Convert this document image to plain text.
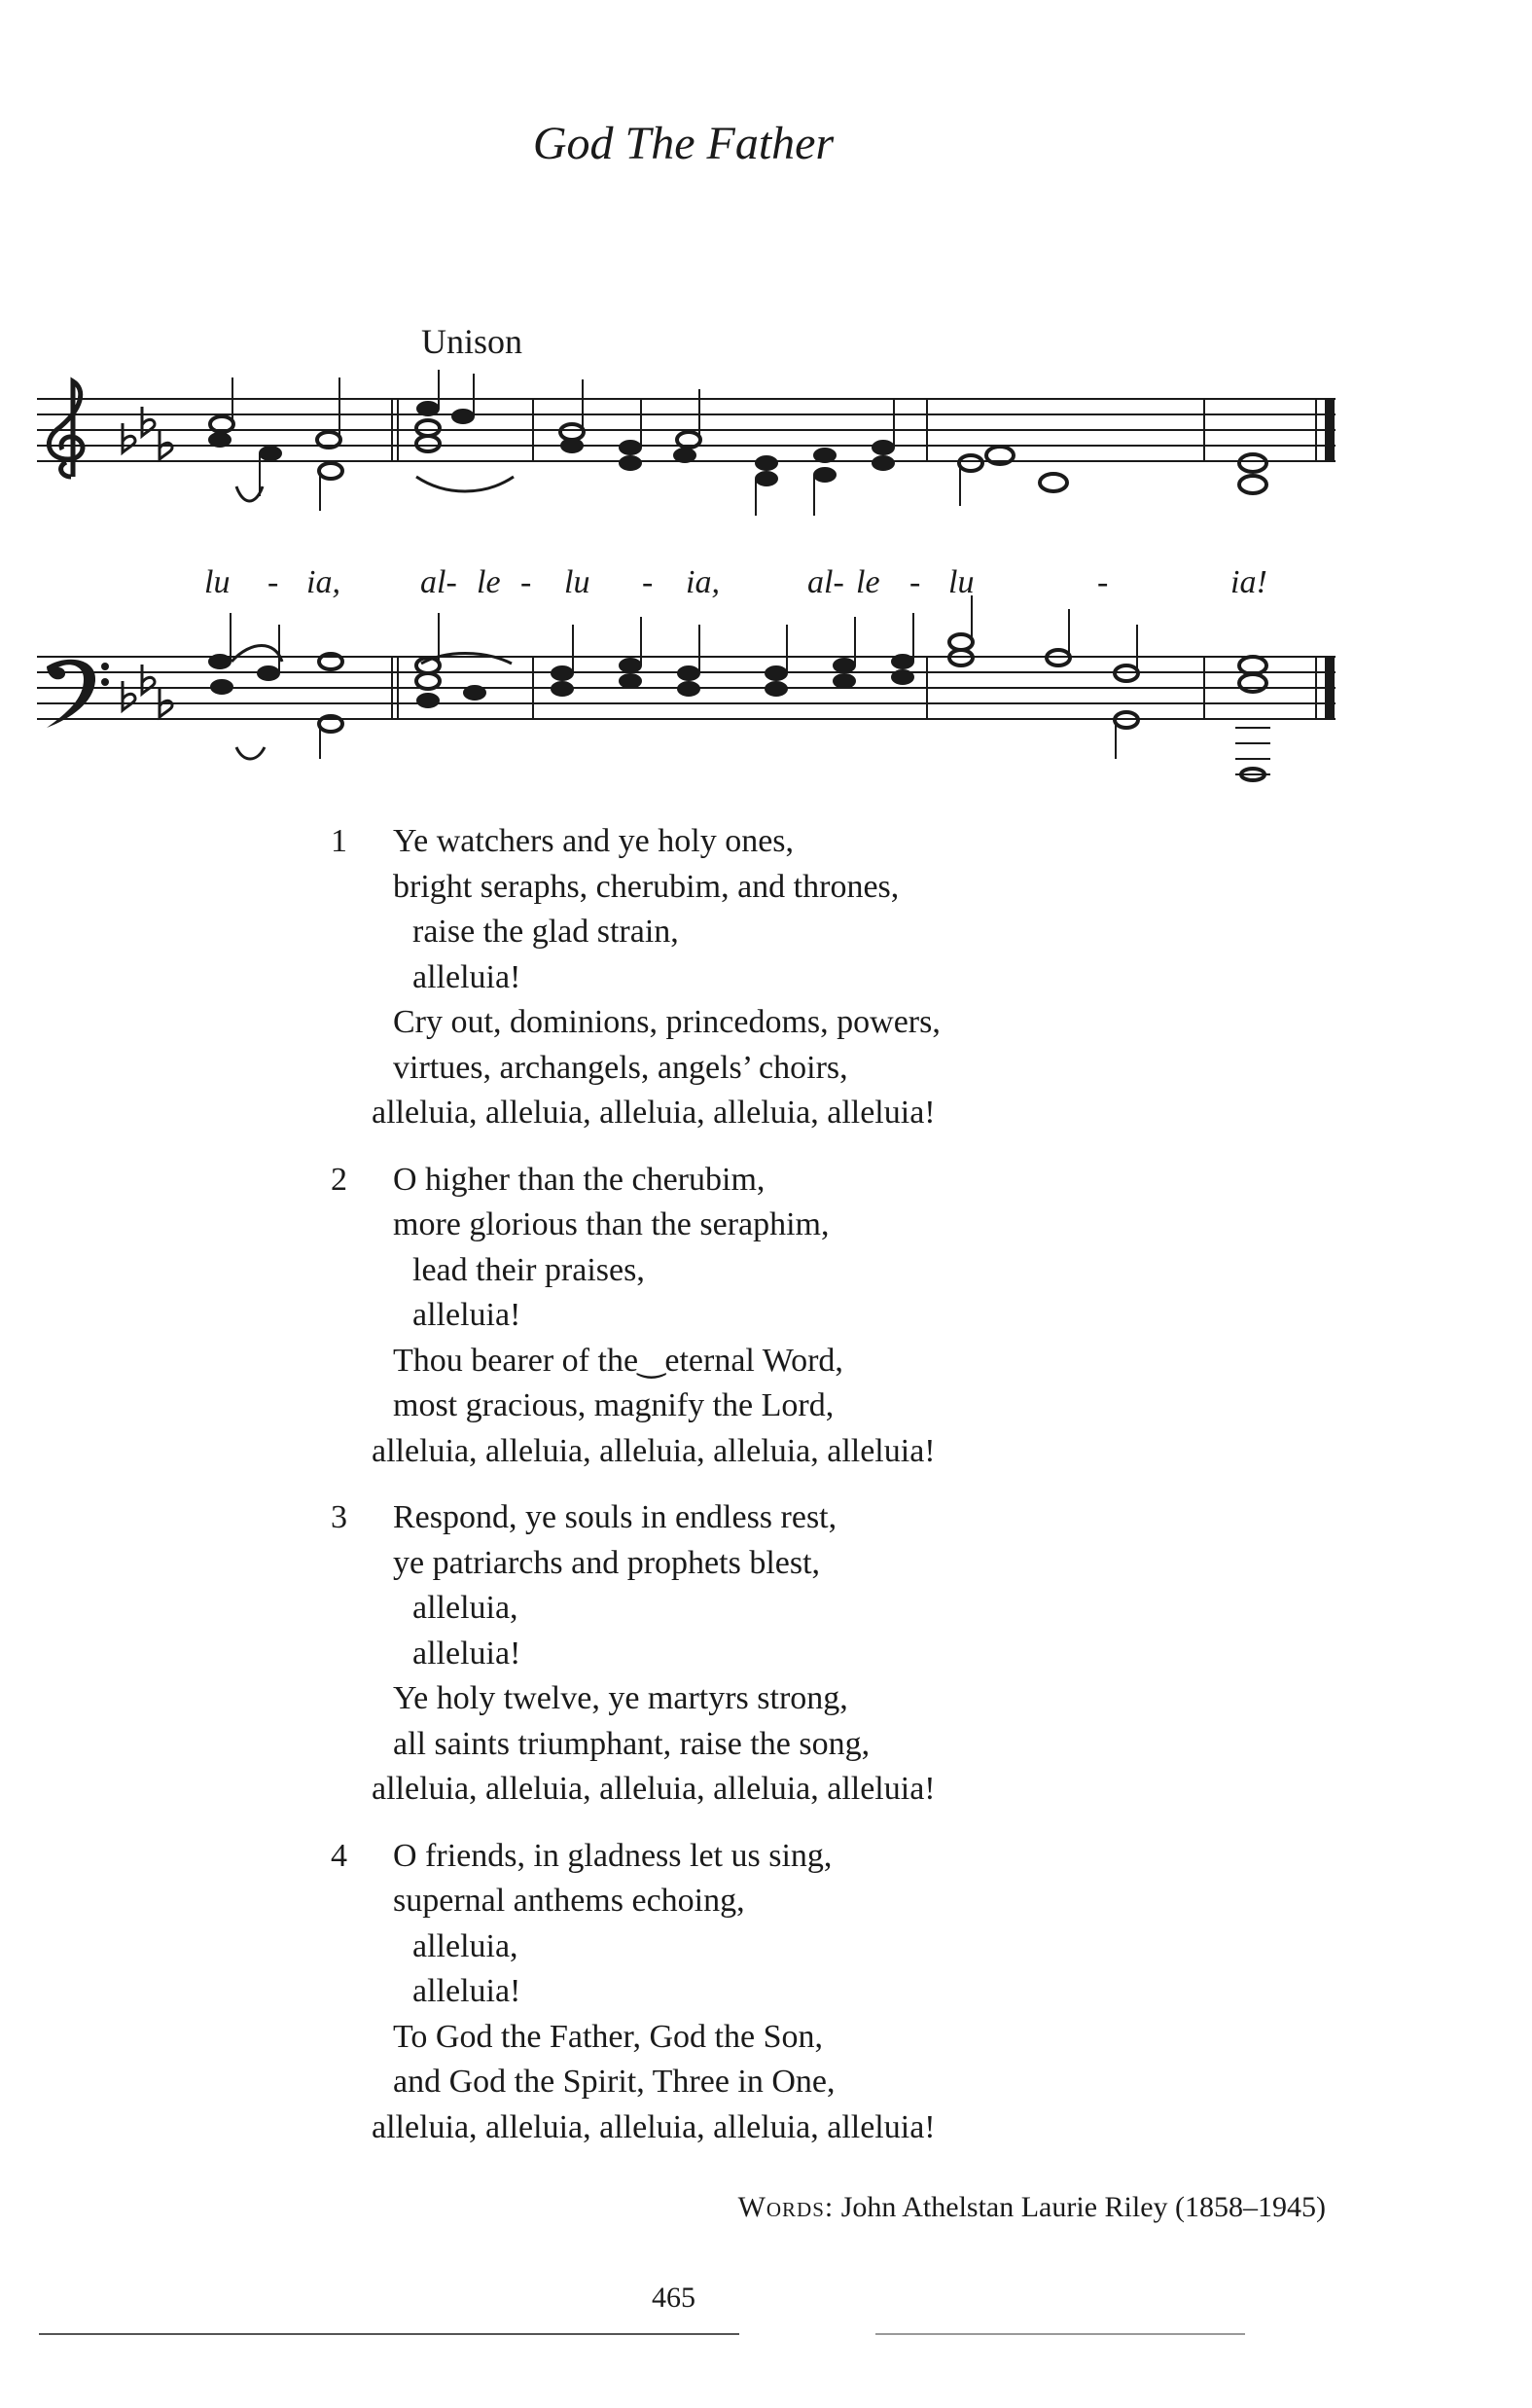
God The Father
Unison
lu - ia, al- le - lu - ia,	al- le - lu	-	ia!
1	Ye watchers and ye holy ones,
bright seraphs, cherubim, and thrones,
raise the glad strain,
alleluia!
Cry out, dominions, princedoms, powers,
virtues, archangels, angels’ choirs,
alleluia, alleluia, alleluia, alleluia, alleluia!
2	O higher than the cherubim,
more glorious than the seraphim,
lead their praises,
alleluia!
Thou bearer of the‿eternal Word,
most gracious, magnify the Lord,
alleluia, alleluia, alleluia, alleluia, alleluia!
3	Respond, ye souls in endless rest,
ye patriarchs and prophets blest,
alleluia,
alleluia!
Ye holy twelve, ye martyrs strong,
all saints triumphant, raise the song,
alleluia, alleluia, alleluia, alleluia, alleluia!
4	O friends, in gladness let us sing,
supernal anthems echoing,
alleluia,
alleluia!
To God the Father, God the Son,
and God the Spirit, Three in One,
alleluia, alleluia, alleluia, alleluia, alleluia!
Words: John Athelstan Laurie Riley (1858–1945)
465
